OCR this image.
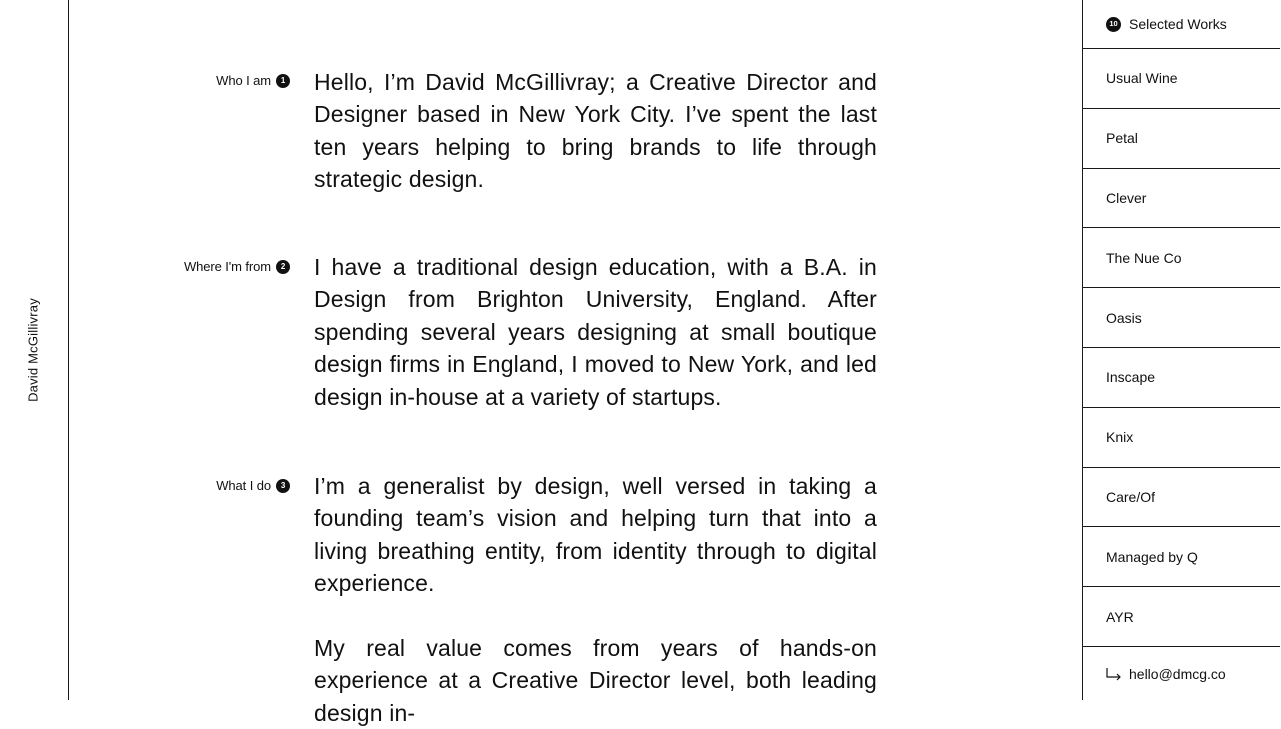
David McGillivray
Who I am	1 Hello, I’m David McGillivray; a Creative Director and Designer based in New York City. I’ve spent the last ten years helping to bring brands to life through strategic design.

Where I'm from	2 I have a traditional design education, with a B.A. in Design from Brighton University, England. After spending several years designing at small boutique design firms in England, I moved to New York, and led design in-house at a variety of startups.

What I do	3 I’m a generalist by design, well versed in taking a founding team’s vision and helping turn that into a living breathing entity, from identity through to digital experience.

My real value comes from years of hands-on experience at a Creative Director level, both leading design in-

10 Selected Works
Usual Wine
Petal
Clever
The Nue Co
Oasis
Inscape
Knix
Care/Of
Managed by Q
AYR
hello@dmcg.co
